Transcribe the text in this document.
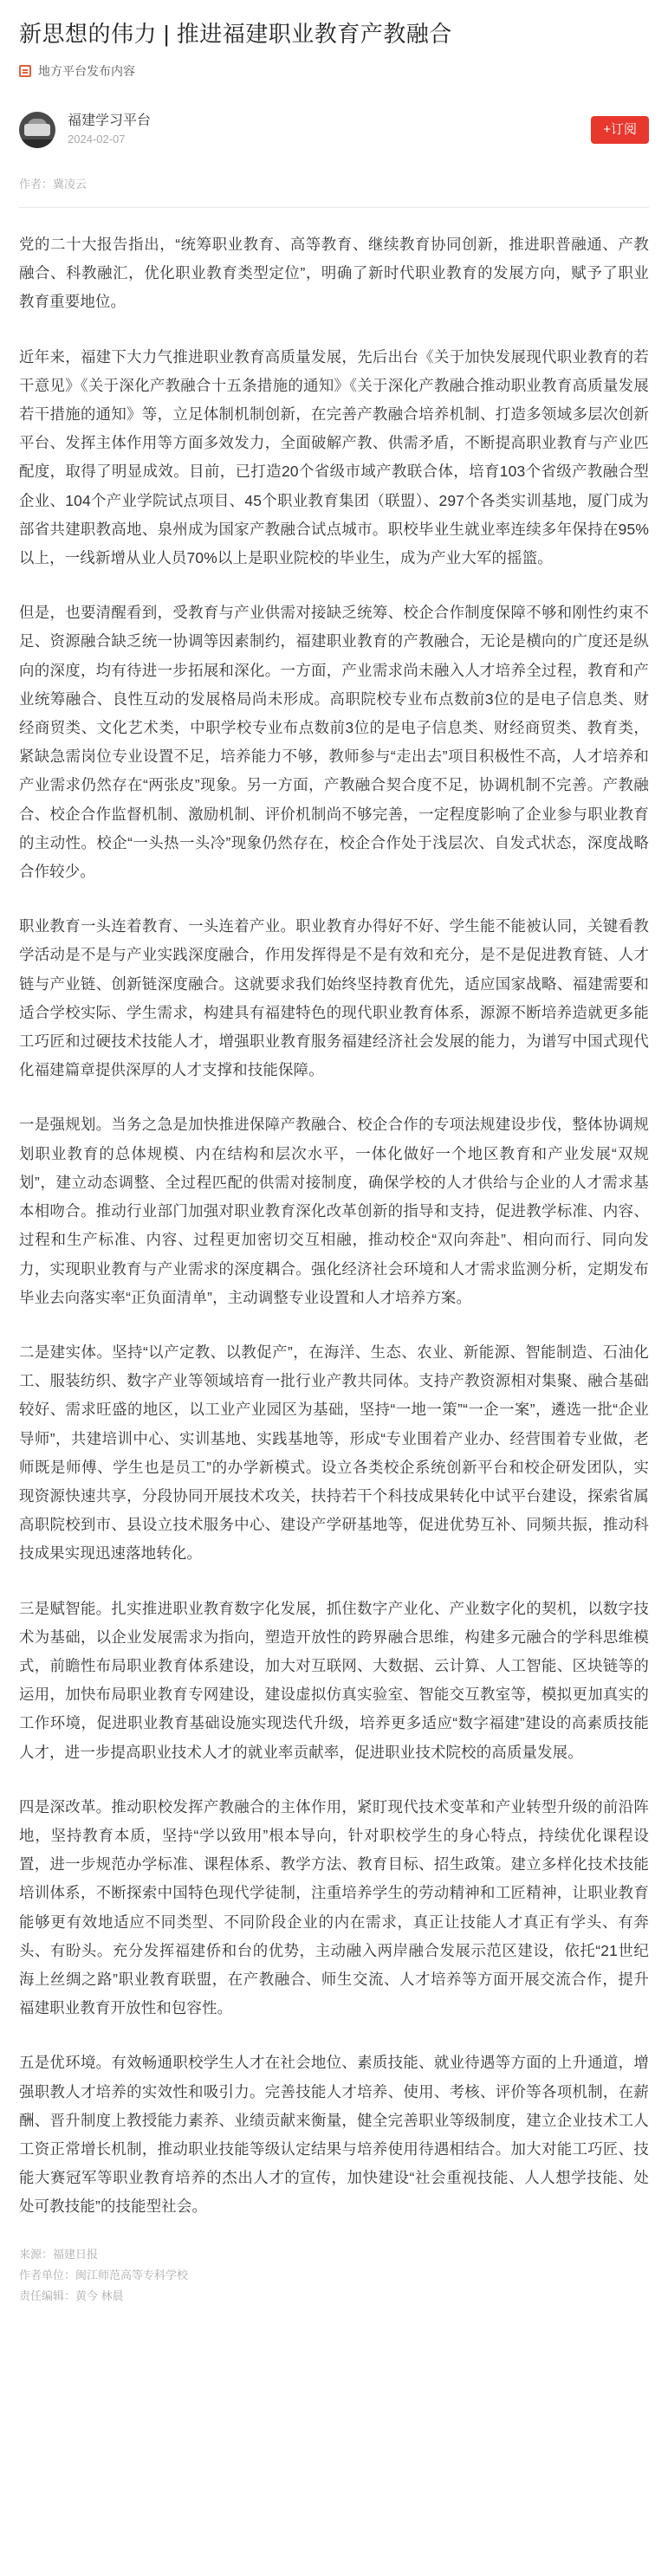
新思想的伟力 | 推进福建职业教育产教融合
地方平台发布内容
福建学习平台
2024-02-07
+订阅
作者：冀凌云

党的二十大报告指出，“统筹职业教育、高等教育、继续教育协同创新，推进职普融通、产教融合、科教融汇，优化职业教育类型定位”，明确了新时代职业教育的发展方向，赋予了职业教育重要地位。

近年来，福建下大力气推进职业教育高质量发展，先后出台《关于加快发展现代职业教育的若干意见》《关于深化产教融合十五条措施的通知》《关于深化产教融合推动职业教育高质量发展若干措施的通知》等，立足体制机制创新，在完善产教融合培养机制、打造多领域多层次创新平台、发挥主体作用等方面多效发力，全面破解产教、供需矛盾，不断提高职业教育与产业匹配度，取得了明显成效。目前，已打造20个省级市域产教联合体，培育103个省级产教融合型企业、104个产业学院试点项目、45个职业教育集团（联盟）、297个各类实训基地，厦门成为部省共建职教高地、泉州成为国家产教融合试点城市。职校毕业生就业率连续多年保持在95%以上，一线新增从业人员70%以上是职业院校的毕业生，成为产业大军的摇篮。

但是，也要清醒看到，受教育与产业供需对接缺乏统筹、校企合作制度保障不够和刚性约束不足、资源融合缺乏统一协调等因素制约，福建职业教育的产教融合，无论是横向的广度还是纵向的深度，均有待进一步拓展和深化。一方面，产业需求尚未融入人才培养全过程，教育和产业统筹融合、良性互动的发展格局尚未形成。高职院校专业布点数前3位的是电子信息类、财经商贸类、文化艺术类，中职学校专业布点数前3位的是电子信息类、财经商贸类、教育类，紧缺急需岗位专业设置不足，培养能力不够，教师参与“走出去”项目积极性不高，人才培养和产业需求仍然存在“两张皮”现象。另一方面，产教融合契合度不足，协调机制不完善。产教融合、校企合作监督机制、激励机制、评价机制尚不够完善，一定程度影响了企业参与职业教育的主动性。校企“一头热一头冷”现象仍然存在，校企合作处于浅层次、自发式状态，深度战略合作较少。

职业教育一头连着教育、一头连着产业。职业教育办得好不好、学生能不能被认同，关键看教学活动是不是与产业实践深度融合，作用发挥得是不是有效和充分，是不是促进教育链、人才链与产业链、创新链深度融合。这就要求我们始终坚持教育优先，适应国家战略、福建需要和适合学校实际、学生需求，构建具有福建特色的现代职业教育体系，源源不断培养造就更多能工巧匠和过硬技术技能人才，增强职业教育服务福建经济社会发展的能力，为谱写中国式现代化福建篇章提供深厚的人才支撑和技能保障。

一是强规划。当务之急是加快推进保障产教融合、校企合作的专项法规建设步伐，整体协调规划职业教育的总体规模、内在结构和层次水平，一体化做好一个地区教育和产业发展“双规划”，建立动态调整、全过程匹配的供需对接制度，确保学校的人才供给与企业的人才需求基本相吻合。推动行业部门加强对职业教育深化改革创新的指导和支持，促进教学标准、内容、过程和生产标准、内容、过程更加密切交互相融，推动校企“双向奔赴”、相向而行、同向发力，实现职业教育与产业需求的深度耦合。强化经济社会环境和人才需求监测分析，定期发布毕业去向落实率“正负面清单”，主动调整专业设置和人才培养方案。

二是建实体。坚持“以产定教、以教促产”，在海洋、生态、农业、新能源、智能制造、石油化工、服装纺织、数字产业等领域培育一批行业产教共同体。支持产教资源相对集聚、融合基础较好、需求旺盛的地区，以工业产业园区为基础，坚持“一地一策”“一企一案”，遴选一批“企业导师”，共建培训中心、实训基地、实践基地等，形成“专业围着产业办、经营围着专业做，老师既是师傅、学生也是员工”的办学新模式。设立各类校企系统创新平台和校企研发团队，实现资源快速共享，分段协同开展技术攻关，扶持若干个科技成果转化中试平台建设，探索省属高职院校到市、县设立技术服务中心、建设产学研基地等，促进优势互补、同频共振，推动科技成果实现迅速落地转化。

三是赋智能。扎实推进职业教育数字化发展，抓住数字产业化、产业数字化的契机，以数字技术为基础，以企业发展需求为指向，塑造开放性的跨界融合思维，构建多元融合的学科思维模式，前瞻性布局职业教育体系建设，加大对互联网、大数据、云计算、人工智能、区块链等的运用，加快布局职业教育专网建设，建设虚拟仿真实验室、智能交互教室等，模拟更加真实的工作环境，促进职业教育基础设施实现迭代升级，培养更多适应“数字福建”建设的高素质技能人才，进一步提高职业技术人才的就业率贡献率，促进职业技术院校的高质量发展。

四是深改革。推动职校发挥产教融合的主体作用，紧盯现代技术变革和产业转型升级的前沿阵地，坚持教育本质，坚持“学以致用”根本导向，针对职校学生的身心特点，持续优化课程设置，进一步规范办学标准、课程体系、教学方法、教育目标、招生政策。建立多样化技术技能培训体系，不断探索中国特色现代学徒制，注重培养学生的劳动精神和工匠精神，让职业教育能够更有效地适应不同类型、不同阶段企业的内在需求，真正让技能人才真正有学头、有奔头、有盼头。充分发挥福建侨和台的优势，主动融入两岸融合发展示范区建设，依托“21世纪海上丝绸之路”职业教育联盟，在产教融合、师生交流、人才培养等方面开展交流合作，提升福建职业教育开放性和包容性。

五是优环境。有效畅通职校学生人才在社会地位、素质技能、就业待遇等方面的上升通道，增强职教人才培养的实效性和吸引力。完善技能人才培养、使用、考核、评价等各项机制，在薪酬、晋升制度上教授能力素养、业绩贡献来衡量，健全完善职业等级制度，建立企业技术工人工资正常增长机制，推动职业技能等级认定结果与培养使用待遇相结合。加大对能工巧匠、技能大赛冠军等职业教育培养的杰出人才的宣传，加快建设“社会重视技能、人人想学技能、处处可教技能”的技能型社会。

来源：福建日报
作者单位：闽江师范高等专科学校
责任编辑：黄今 林晨
